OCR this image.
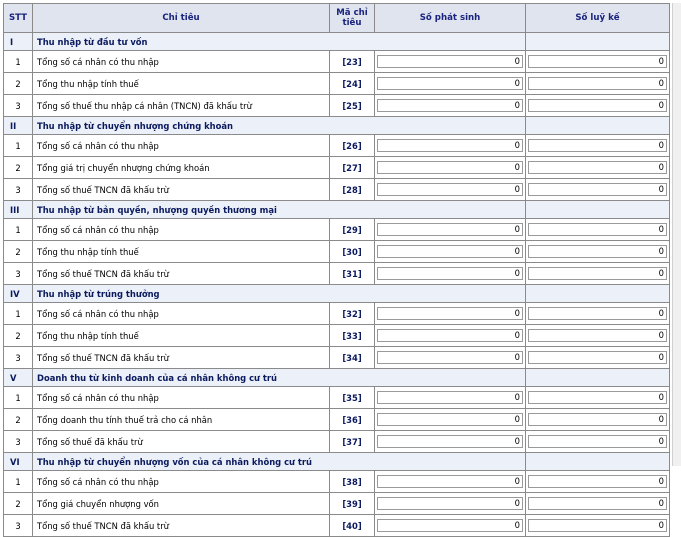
STT	Chỉ tiêu	Mã chỉ tiêu	Số phát sinh	Số luỹ kế
I	Thu nhập từ đầu tư vốn			
1	Tổng số cá nhân có thu nhập	[23]	0	0

2	Tổng thu nhập tính thuế	[24]	0	0

3	Tổng số thuế thu nhập cá nhân (TNCN) đã khấu trừ	[25]	0	0

II	Thu nhập từ chuyển nhượng chứng khoán			
1	Tổng số cá nhân có thu nhập	[26]	0	0

2	Tổng giá trị chuyển nhượng chứng khoán	[27]	0	0

3	Tổng số thuế TNCN đã khấu trừ	[28]	0	0

III	Thu nhập từ bản quyền, nhượng quyền thương mại			
1	Tổng số cá nhân có thu nhập	[29]	0	0

2	Tổng thu nhập tính thuế	[30]	0	0

3	Tổng số thuế TNCN đã khấu trừ	[31]	0	0

IV	Thu nhập từ trúng thưởng			
1	Tổng số cá nhân có thu nhập	[32]	0	0

2	Tổng thu nhập tính thuế	[33]	0	0

3	Tổng số thuế TNCN đã khấu trừ	[34]	0	0

V	Doanh thu từ kinh doanh của cá nhân không cư trú			
1	Tổng số cá nhân có thu nhập	[35]	0	0

2	Tổng doanh thu tính thuế trả cho cá nhân	[36]	0	0

3	Tổng số thuế đã khấu trừ	[37]	0	0

VI	Thu nhập từ chuyển nhượng vốn của cá nhân không cư trú			
1	Tổng số cá nhân có thu nhập	[38]	0	0

2	Tổng giá chuyển nhượng vốn	[39]	0	0

3	Tổng số thuế TNCN đã khấu trừ	[40]	0	0
